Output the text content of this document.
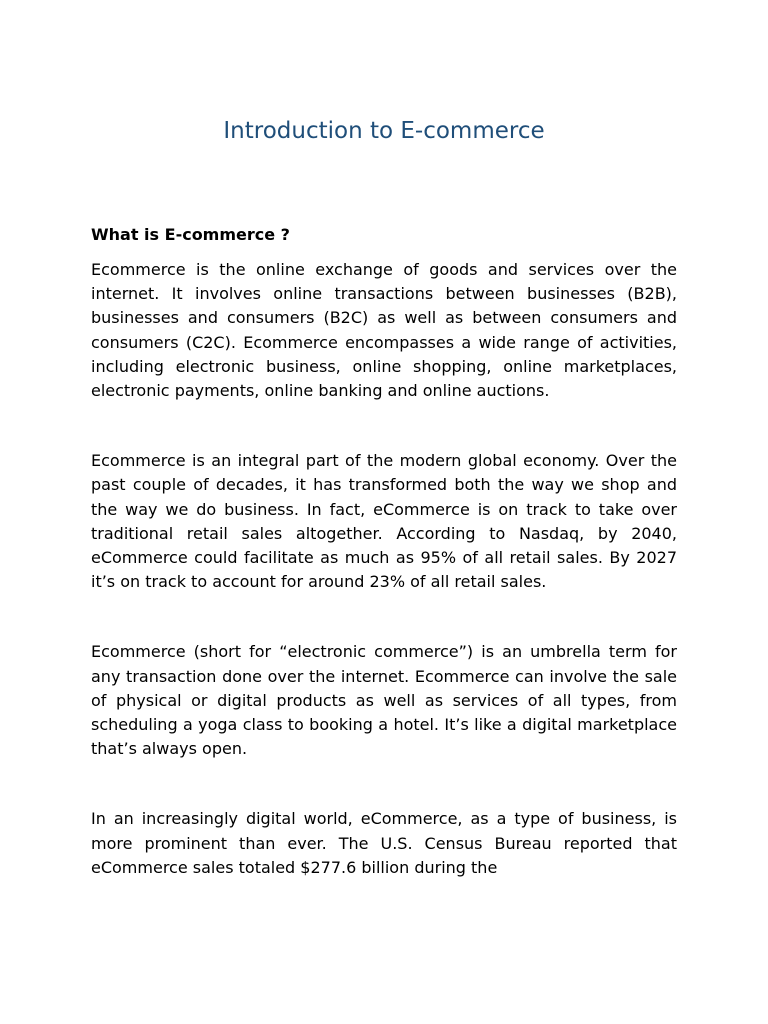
Introduction to E-commerce
What is E-commerce ?

Ecommerce is the online exchange of goods and services over the internet. It involves online transactions between businesses (B2B), businesses and consumers (B2C) as well as between consumers and consumers (C2C). Ecommerce encompasses a wide range of activities, including electronic business, online shopping, online marketplaces, electronic payments, online banking and online auctions.

Ecommerce is an integral part of the modern global economy. Over the past couple of decades, it has transformed both the way we shop and the way we do business. In fact, eCommerce is on track to take over traditional retail sales altogether. According to Nasdaq, by 2040, eCommerce could facilitate as much as 95% of all retail sales. By 2027 it’s on track to account for around 23% of all retail sales.

Ecommerce (short for “electronic commerce”) is an umbrella term for any transaction done over the internet. Ecommerce can involve the sale of physical or digital products as well as services of all types, from scheduling a yoga class to booking a hotel. It’s like a digital marketplace that’s always open.

In an increasingly digital world, eCommerce, as a type of business, is more prominent than ever. The U.S. Census Bureau reported that eCommerce sales totaled $277.6 billion during the
